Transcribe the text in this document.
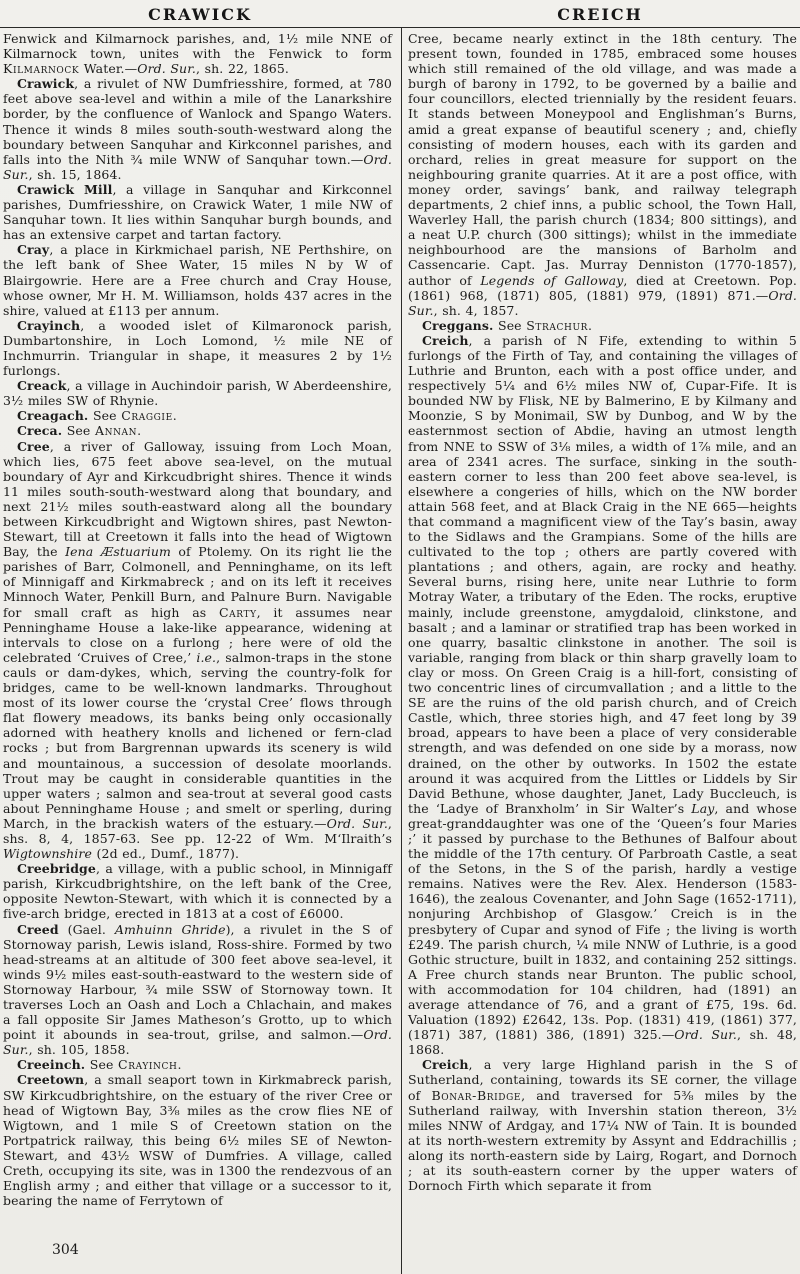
CRAWICK	CREICH

Fenwick and Kilmarnock parishes, and, 1½ mile NNE of Kilmarnock town, unites with the Fenwick to form Kilmarnock Water.—Ord. Sur., sh. 22, 1865.

Crawick, a rivulet of NW Dumfriesshire, formed, at 780 feet above sea-level and within a mile of the Lanarkshire border, by the confluence of Wanlock and Spango Waters. Thence it winds 8 miles south-south-westward along the boundary between Sanquhar and Kirkconnel parishes, and falls into the Nith ¾ mile WNW of Sanquhar town.—Ord. Sur., sh. 15, 1864.

Crawick Mill, a village in Sanquhar and Kirkconnel parishes, Dumfriesshire, on Crawick Water, 1 mile NW of Sanquhar town. It lies within Sanquhar burgh bounds, and has an extensive carpet and tartan factory.

Cray, a place in Kirkmichael parish, NE Perthshire, on the left bank of Shee Water, 15 miles N by W of Blairgowrie. Here are a Free church and Cray House, whose owner, Mr H. M. Williamson, holds 437 acres in the shire, valued at £113 per annum.

Crayinch, a wooded islet of Kilmaronock parish, Dumbartonshire, in Loch Lomond, ½ mile NE of Inchmurrin. Triangular in shape, it measures 2 by 1½ furlongs.

Creack, a village in Auchindoir parish, W Aberdeenshire, 3½ miles SW of Rhynie.

Creagach. See Craggie.

Creca. See Annan.

Cree, a river of Galloway, issuing from Loch Moan, which lies, 675 feet above sea-level, on the mutual boundary of Ayr and Kirkcudbright shires. Thence it winds 11 miles south-south-westward along that boundary, and next 21½ miles south-eastward along all the boundary between Kirkcudbright and Wigtown shires, past Newton-Stewart, till at Creetown it falls into the head of Wigtown Bay, the Iena Æstuarium of Ptolemy. On its right lie the parishes of Barr, Colmonell, and Penninghame, on its left of Minnigaff and Kirkmabreck ; and on its left it receives Minnoch Water, Penkill Burn, and Palnure Burn. Navigable for small craft as high as Carty, it assumes near Penninghame House a lake-like appearance, widening at intervals to close on a furlong ; here were of old the celebrated ‘Cruives of Cree,’ i.e., salmon-traps in the stone cauls or dam-dykes, which, serving the country-folk for bridges, came to be well-known landmarks. Throughout most of its lower course the ‘crystal Cree’ flows through flat flowery meadows, its banks being only occasionally adorned with heathery knolls and lichened or fern-clad rocks ; but from Bargrennan upwards its scenery is wild and mountainous, a succession of desolate moorlands. Trout may be caught in considerable quantities in the upper waters ; salmon and sea-trout at several good casts about Penninghame House ; and smelt or sperling, during March, in the brackish waters of the estuary.—Ord. Sur., shs. 8, 4, 1857-63. See pp. 12-22 of Wm. M‘Ilraith’s Wigtownshire (2d ed., Dumf., 1877).

Creebridge, a village, with a public school, in Minnigaff parish, Kirkcudbrightshire, on the left bank of the Cree, opposite Newton-Stewart, with which it is connected by a five-arch bridge, erected in 1813 at a cost of £6000.

Creed (Gael. Amhuinn Ghride), a rivulet in the S of Stornoway parish, Lewis island, Ross-shire. Formed by two head-streams at an altitude of 300 feet above sea-level, it winds 9½ miles east-south-eastward to the western side of Stornoway Harbour, ¾ mile SSW of Stornoway town. It traverses Loch an Oash and Loch a Chlachain, and makes a fall opposite Sir James Matheson’s Grotto, up to which point it abounds in sea-trout, grilse, and salmon.—Ord. Sur., sh. 105, 1858.

Creeinch. See Crayinch.

Creetown, a small seaport town in Kirkmabreck parish, SW Kirkcudbrightshire, on the estuary of the river Cree or head of Wigtown Bay, 3⅜ miles as the crow flies NE of Wigtown, and 1 mile S of Creetown station on the Portpatrick railway, this being 6½ miles SE of Newton-Stewart, and 43½ WSW of Dumfries. A village, called Creth, occupying its site, was in 1300 the rendezvous of an English army ; and either that village or a successor to it, bearing the name of Ferrytown of

Cree, became nearly extinct in the 18th century. The present town, founded in 1785, embraced some houses which still remained of the old village, and was made a burgh of barony in 1792, to be governed by a bailie and four councillors, elected triennially by the resident feuars. It stands between Moneypool and Englishman’s Burns, amid a great expanse of beautiful scenery ; and, chiefly consisting of modern houses, each with its garden and orchard, relies in great measure for support on the neighbouring granite quarries. At it are a post office, with money order, savings’ bank, and railway telegraph departments, 2 chief inns, a public school, the Town Hall, Waverley Hall, the parish church (1834; 800 sittings), and a neat U.P. church (300 sittings); whilst in the immediate neighbourhood are the mansions of Barholm and Cassencarie. Capt. Jas. Murray Denniston (1770-1857), author of Legends of Galloway, died at Creetown. Pop. (1861) 968, (1871) 805, (1881) 979, (1891) 871.—Ord. Sur., sh. 4, 1857.

Creggans. See Strachur.

Creich, a parish of N Fife, extending to within 5 furlongs of the Firth of Tay, and containing the villages of Luthrie and Brunton, each with a post office under, and respectively 5¼ and 6½ miles NW of, Cupar-Fife. It is bounded NW by Flisk, NE by Balmerino, E by Kilmany and Moonzie, S by Monimail, SW by Dunbog, and W by the easternmost section of Abdie, having an utmost length from NNE to SSW of 3⅛ miles, a width of 1⅞ mile, and an area of 2341 acres. The surface, sinking in the south-eastern corner to less than 200 feet above sea-level, is elsewhere a congeries of hills, which on the NW border attain 568 feet, and at Black Craig in the NE 665—heights that command a magnificent view of the Tay’s basin, away to the Sidlaws and the Grampians. Some of the hills are cultivated to the top ; others are partly covered with plantations ; and others, again, are rocky and heathy. Several burns, rising here, unite near Luthrie to form Motray Water, a tributary of the Eden. The rocks, eruptive mainly, include greenstone, amygdaloid, clinkstone, and basalt ; and a laminar or stratified trap has been worked in one quarry, basaltic clinkstone in another. The soil is variable, ranging from black or thin sharp gravelly loam to clay or moss. On Green Craig is a hill-fort, consisting of two concentric lines of circumvallation ; and a little to the SE are the ruins of the old parish church, and of Creich Castle, which, three stories high, and 47 feet long by 39 broad, appears to have been a place of very considerable strength, and was defended on one side by a morass, now drained, on the other by outworks. In 1502 the estate around it was acquired from the Littles or Liddels by Sir David Bethune, whose daughter, Janet, Lady Buccleuch, is the ‘Ladye of Branxholm’ in Sir Walter’s Lay, and whose great-granddaughter was one of the ‘Queen’s four Maries ;’ it passed by purchase to the Bethunes of Balfour about the middle of the 17th century. Of Parbroath Castle, a seat of the Setons, in the S of the parish, hardly a vestige remains. Natives were the Rev. Alex. Henderson (1583-1646), the zealous Covenanter, and John Sage (1652-1711), nonjuring Archbishop of Glasgow.’ Creich is in the presbytery of Cupar and synod of Fife ; the living is worth £249. The parish church, ¼ mile NNW of Luthrie, is a good Gothic structure, built in 1832, and containing 252 sittings. A Free church stands near Brunton. The public school, with accommodation for 104 children, had (1891) an average attendance of 76, and a grant of £75, 19s. 6d. Valuation (1892) £2642, 13s. Pop. (1831) 419, (1861) 377, (1871) 387, (1881) 386, (1891) 325.—Ord. Sur., sh. 48, 1868.

Creich, a very large Highland parish in the S of Sutherland, containing, towards its SE corner, the village of Bonar-Bridge, and traversed for 5⅜ miles by the Sutherland railway, with Invershin station thereon, 3½ miles NNW of Ardgay, and 17¼ NW of Tain. It is bounded at its north-western extremity by Assynt and Eddrachillis ; along its north-eastern side by Lairg, Rogart, and Dornoch ; at its south-eastern corner by the upper waters of Dornoch Firth which separate it from

304
